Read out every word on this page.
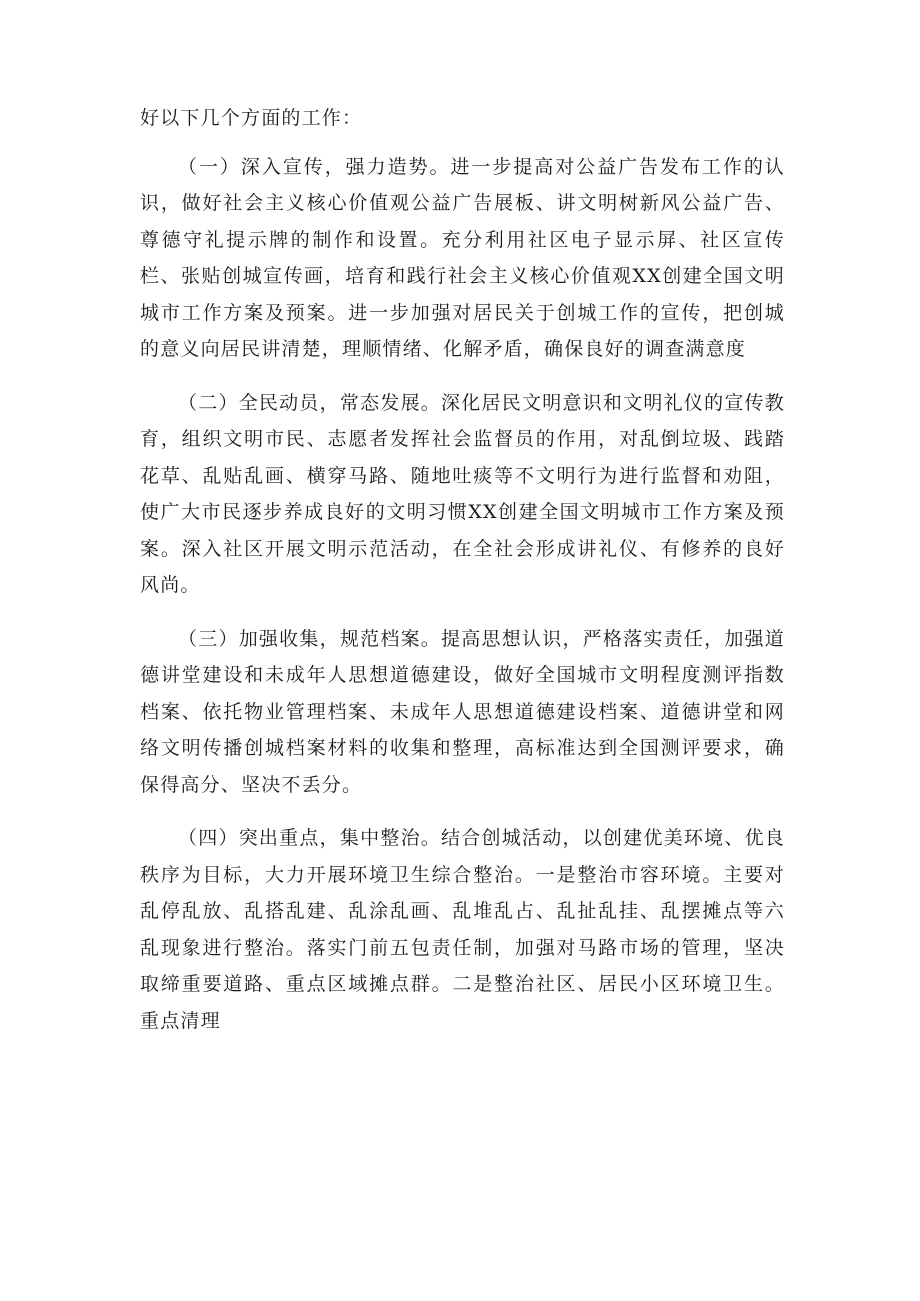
好以下几个方面的工作：

（一）深入宣传，强力造势。进一步提高对公益广告发布工作的认识，做好社会主义核心价值观公益广告展板、讲文明树新风公益广告、尊德守礼提示牌的制作和设置。充分利用社区电子显示屏、社区宣传栏、张贴创城宣传画，培育和践行社会主义核心价值观XX创建全国文明城市工作方案及预案。进一步加强对居民关于创城工作的宣传，把创城的意义向居民讲清楚，理顺情绪、化解矛盾，确保良好的调查满意度

（二）全民动员，常态发展。深化居民文明意识和文明礼仪的宣传教育，组织文明市民、志愿者发挥社会监督员的作用，对乱倒垃圾、践踏花草、乱贴乱画、横穿马路、随地吐痰等不文明行为进行监督和劝阻，使广大市民逐步养成良好的文明习惯XX创建全国文明城市工作方案及预案。深入社区开展文明示范活动，在全社会形成讲礼仪、有修养的良好风尚。

（三）加强收集，规范档案。提高思想认识，严格落实责任，加强道德讲堂建设和未成年人思想道德建设，做好全国城市文明程度测评指数档案、依托物业管理档案、未成年人思想道德建设档案、道德讲堂和网络文明传播创城档案材料的收集和整理，高标准达到全国测评要求，确保得高分、坚决不丢分。

（四）突出重点，集中整治。结合创城活动，以创建优美环境、优良秩序为目标，大力开展环境卫生综合整治。一是整治市容环境。主要对乱停乱放、乱搭乱建、乱涂乱画、乱堆乱占、乱扯乱挂、乱摆摊点等六乱现象进行整治。落实门前五包责任制，加强对马路市场的管理，坚决取缔重要道路、重点区域摊点群。二是整治社区、居民小区环境卫生。重点清理
